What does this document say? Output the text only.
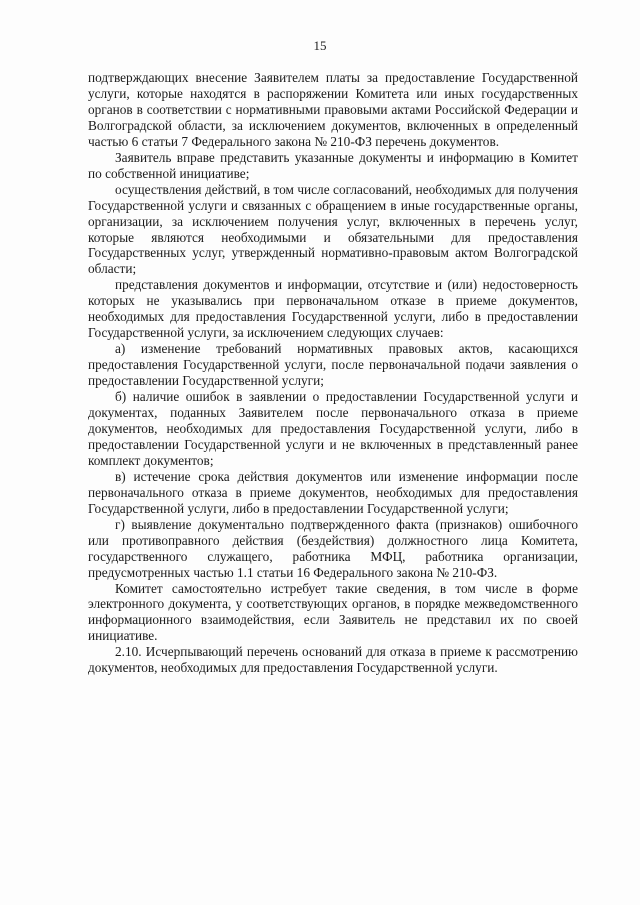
15

подтверждающих внесение Заявителем платы за предоставление Государственной услуги, которые находятся в распоряжении Комитета или иных государственных органов в соответствии с нормативными правовыми актами Российской Федерации и Волгоградской области, за исключением документов, включенных в определенный частью 6 статьи 7 Федерального закона № 210-ФЗ перечень документов.

Заявитель вправе представить указанные документы и информацию в Комитет по собственной инициативе;

осуществления действий, в том числе согласований, необходимых для получения Государственной услуги и связанных с обращением в иные государственные органы, организации, за исключением получения услуг, включенных в перечень услуг, которые являются необходимыми и обязательными для предоставления Государственных услуг, утвержденный нормативно-правовым актом Волгоградской области;

представления документов и информации, отсутствие и (или) недостоверность которых не указывались при первоначальном отказе в приеме документов, необходимых для предоставления Государственной услуги, либо в предоставлении Государственной услуги, за исключением следующих случаев:

а) изменение требований нормативных правовых актов, касающихся предоставления Государственной услуги, после первоначальной подачи заявления о предоставлении Государственной услуги;

б) наличие ошибок в заявлении о предоставлении Государственной услуги и документах, поданных Заявителем после первоначального отказа в приеме документов, необходимых для предоставления Государственной услуги, либо в предоставлении Государственной услуги и не включенных в представленный ранее комплект документов;

в) истечение срока действия документов или изменение информации после первоначального отказа в приеме документов, необходимых для предоставления Государственной услуги, либо в предоставлении Государственной услуги;

г) выявление документально подтвержденного факта (признаков) ошибочного или противоправного действия (бездействия) должностного лица Комитета, государственного служащего, работника МФЦ, работника организации, предусмотренных частью 1.1 статьи 16 Федерального закона № 210-ФЗ.

Комитет самостоятельно истребует такие сведения, в том числе в форме электронного документа, у соответствующих органов, в порядке межведомственного информационного взаимодействия, если Заявитель не представил их по своей инициативе.

2.10. Исчерпывающий перечень оснований для отказа в приеме к рассмотрению документов, необходимых для предоставления Государственной услуги.
